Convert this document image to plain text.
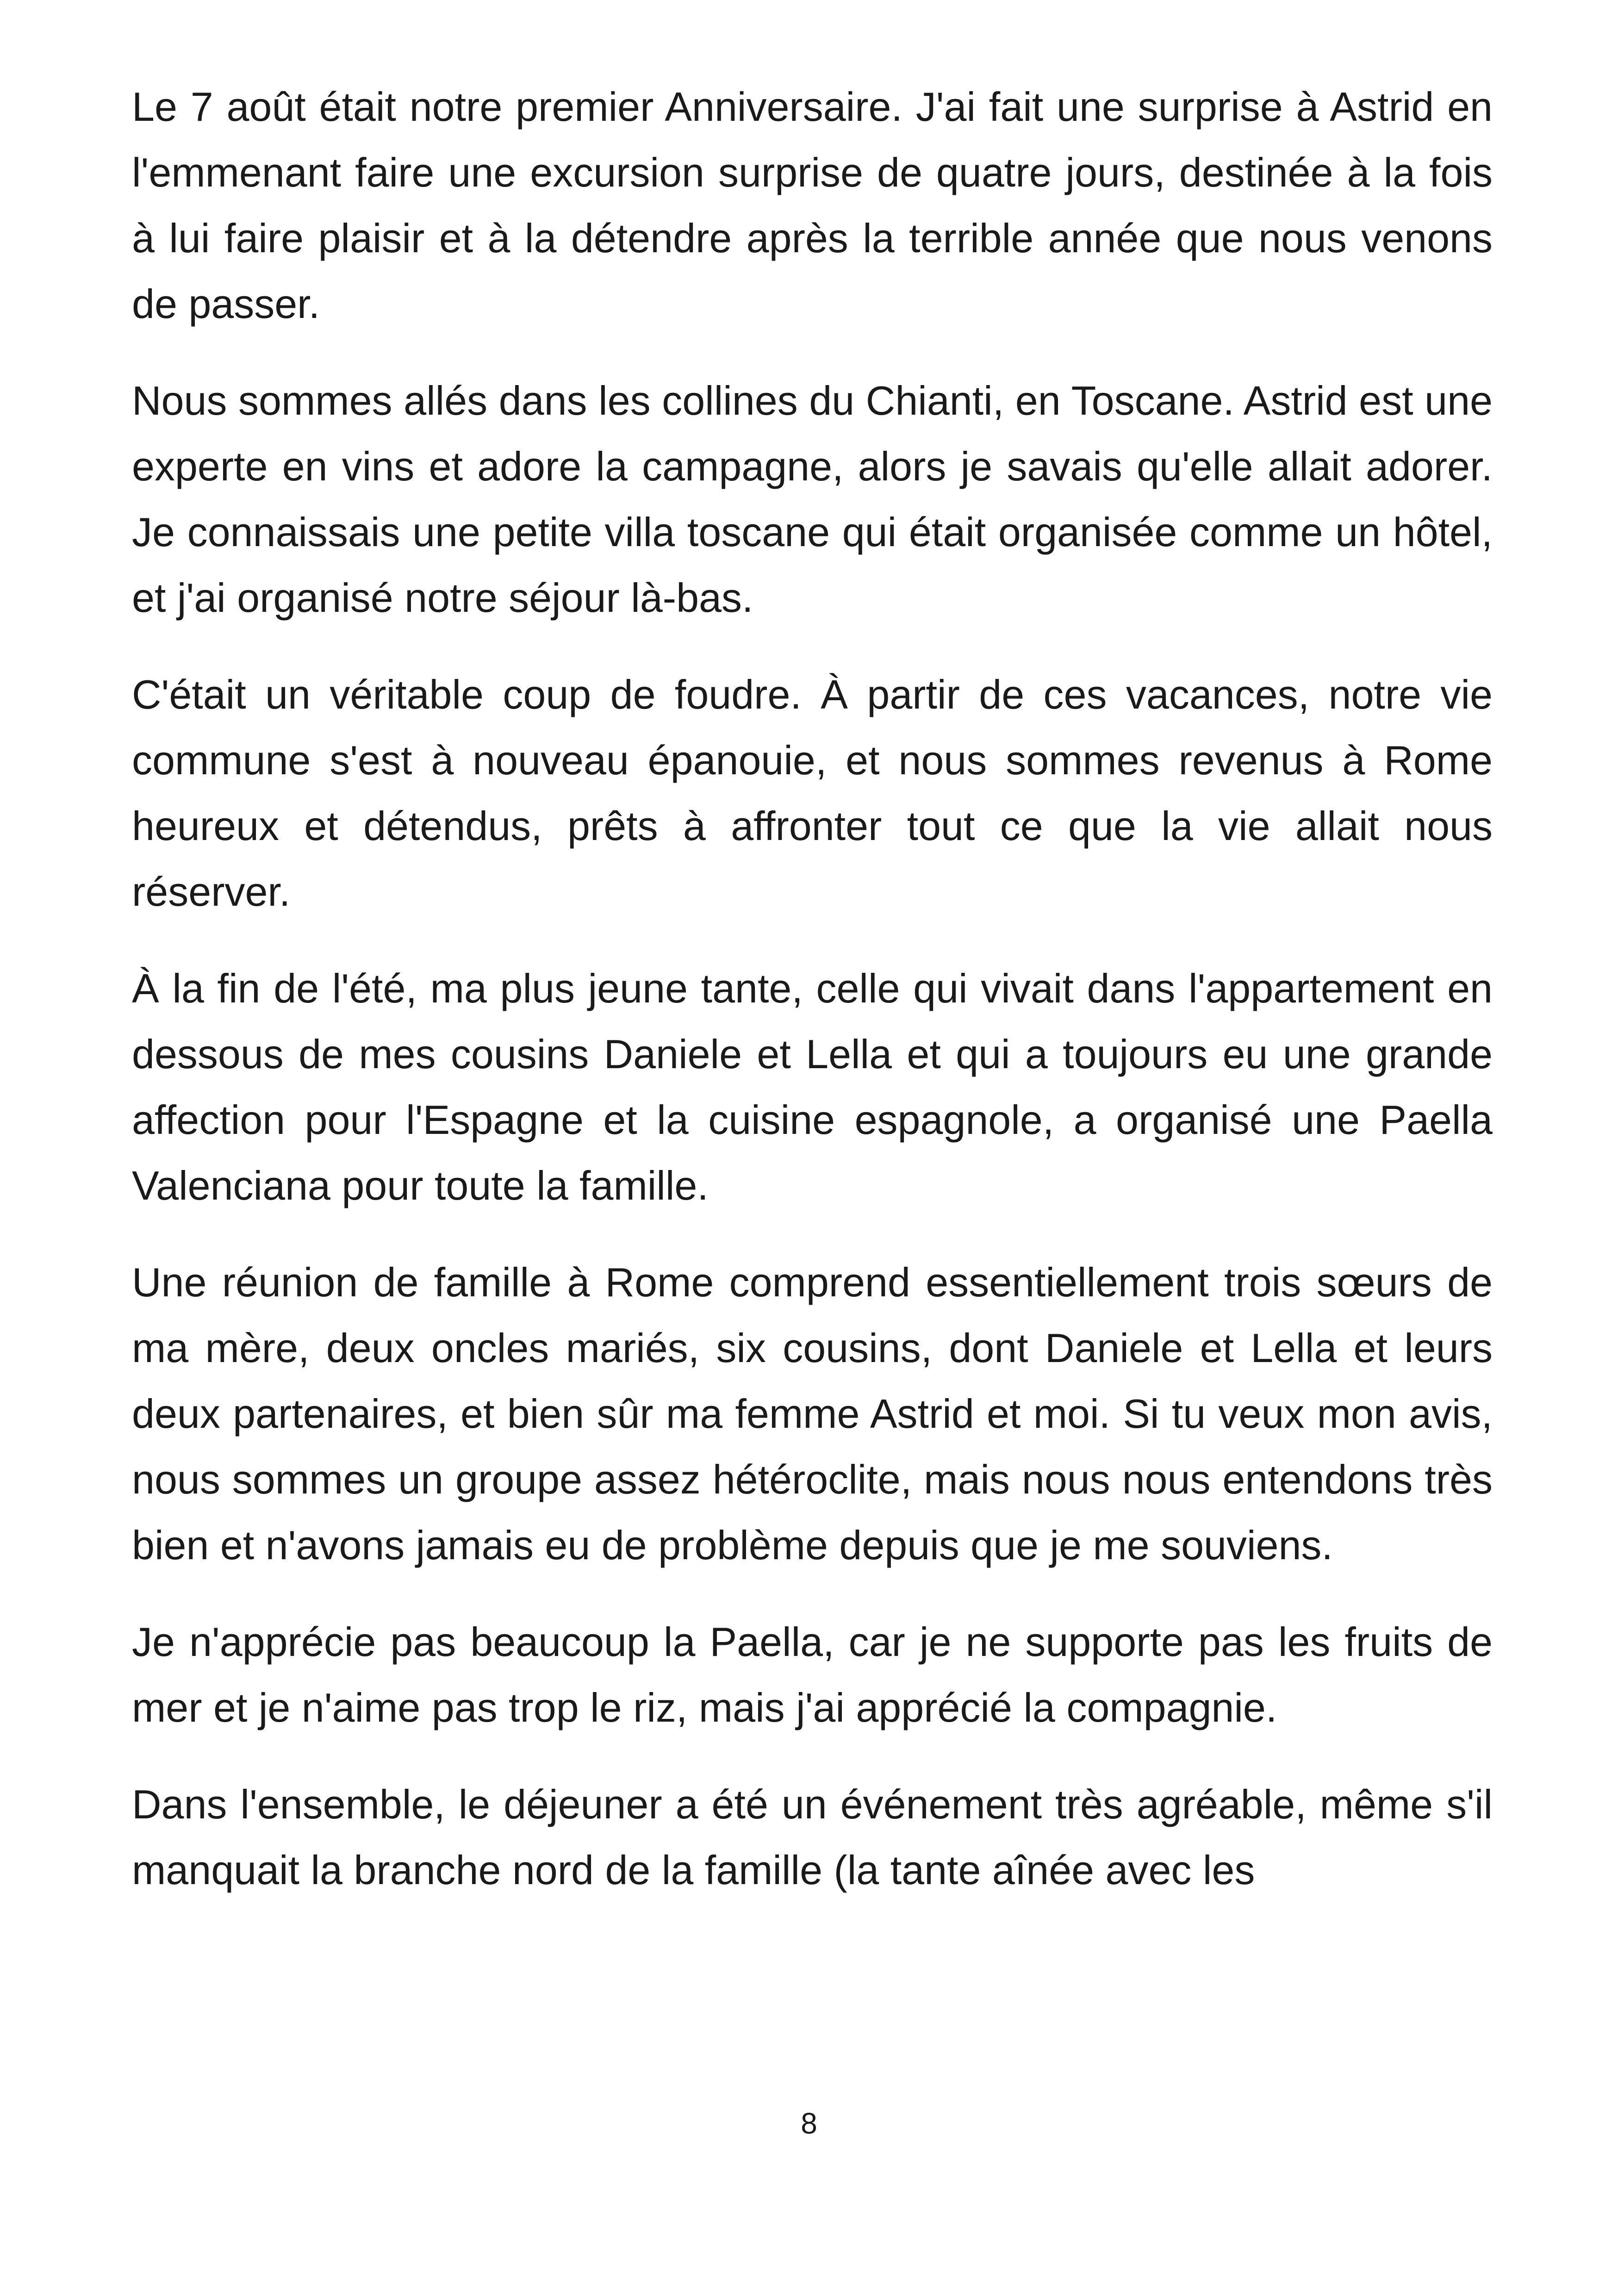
Le 7 août était notre premier Anniversaire. J'ai fait une surprise à Astrid en l'emmenant faire une excursion surprise de quatre jours, destinée à la fois à lui faire plaisir et à la détendre après la terrible année que nous venons de passer.

Nous sommes allés dans les collines du Chianti, en Toscane. Astrid est une experte en vins et adore la campagne, alors je savais qu'elle allait adorer. Je connaissais une petite villa toscane qui était organisée comme un hôtel, et j'ai organisé notre séjour là-bas.

C'était un véritable coup de foudre. À partir de ces vacances, notre vie commune s'est à nouveau épanouie, et nous sommes revenus à Rome heureux et détendus, prêts à affronter tout ce que la vie allait nous réserver.

À la fin de l'été, ma plus jeune tante, celle qui vivait dans l'appartement en dessous de mes cousins Daniele et Lella et qui a toujours eu une grande affection pour l'Espagne et la cuisine espagnole, a organisé une Paella Valenciana pour toute la famille.

Une réunion de famille à Rome comprend essentiellement trois sœurs de ma mère, deux oncles mariés, six cousins, dont Daniele et Lella et leurs deux partenaires, et bien sûr ma femme Astrid et moi. Si tu veux mon avis, nous sommes un groupe assez hétéroclite, mais nous nous entendons très bien et n'avons jamais eu de problème depuis que je me souviens.

Je n'apprécie pas beaucoup la Paella, car je ne supporte pas les fruits de mer et je n'aime pas trop le riz, mais j'ai apprécié la compagnie.

Dans l'ensemble, le déjeuner a été un événement très agréable, même s'il manquait la branche nord de la famille (la tante aînée avec les

8
